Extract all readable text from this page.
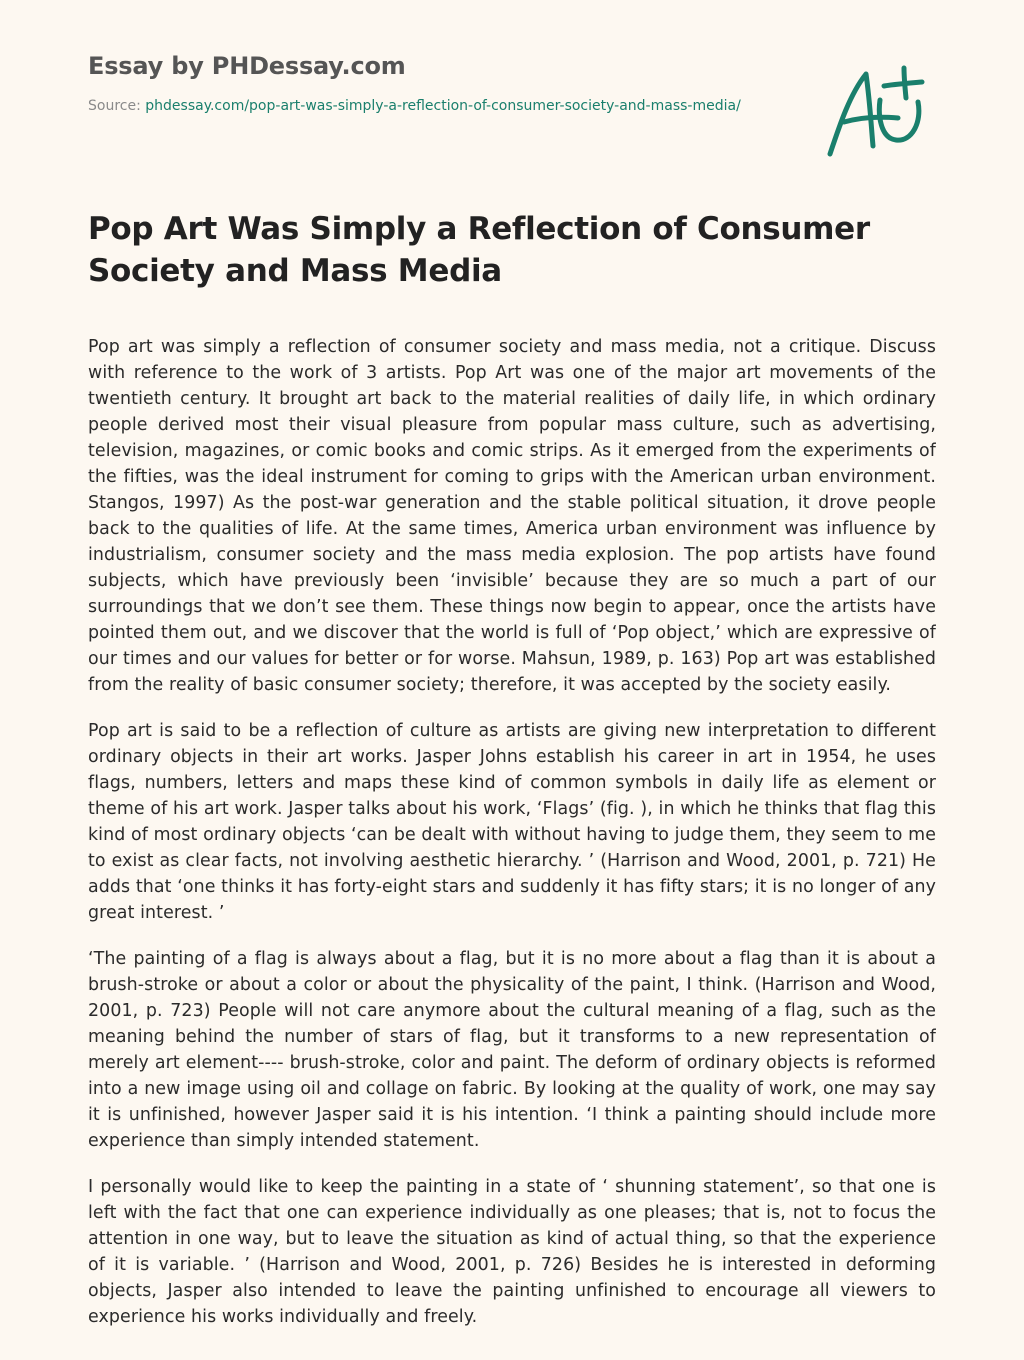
Essay by PHDessay.com
Source: phdessay.com/pop-art-was-simply-a-reflection-of-consumer-society-and-mass-media/
Pop Art Was Simply a Reflection of Consumer Society and Mass Media

Pop art was simply a reflection of consumer society and mass media, not a critique. Discuss with reference to the work of 3 artists. Pop Art was one of the major art movements of the twentieth century. It brought art back to the material realities of daily life, in which ordinary people derived most their visual pleasure from popular mass culture, such as advertising, television, magazines, or comic books and comic strips. As it emerged from the experiments of the fifties, was the ideal instrument for coming to grips with the American urban environment. Stangos, 1997) As the post-war generation and the stable political situation, it drove people back to the qualities of life. At the same times, America urban environment was influence by industrialism, consumer society and the mass media explosion. The pop artists have found subjects, which have previously been ‘invisible’ because they are so much a part of our surroundings that we don’t see them. These things now begin to appear, once the artists have pointed them out, and we discover that the world is full of ‘Pop object,’ which are expressive of our times and our values for better or for worse. Mahsun, 1989, p. 163) Pop art was established from the reality of basic consumer society; therefore, it was accepted by the society easily.

Pop art is said to be a reflection of culture as artists are giving new interpretation to different ordinary objects in their art works. Jasper Johns establish his career in art in 1954, he uses flags, numbers, letters and maps these kind of common symbols in daily life as element or theme of his art work. Jasper talks about his work, ‘Flags’ (fig. ), in which he thinks that flag this kind of most ordinary objects ‘can be dealt with without having to judge them, they seem to me to exist as clear facts, not involving aesthetic hierarchy. ’ (Harrison and Wood, 2001, p. 721) He adds that ‘one thinks it has forty-eight stars and suddenly it has fifty stars; it is no longer of any great interest. ’

‘The painting of a flag is always about a flag, but it is no more about a flag than it is about a brush-stroke or about a color or about the physicality of the paint, I think. (Harrison and Wood, 2001, p. 723) People will not care anymore about the cultural meaning of a flag, such as the meaning behind the number of stars of flag, but it transforms to a new representation of merely art element---- brush-stroke, color and paint. The deform of ordinary objects is reformed into a new image using oil and collage on fabric. By looking at the quality of work, one may say it is unfinished, however Jasper said it is his intention. ‘I think a painting should include more experience than simply intended statement.

I personally would like to keep the painting in a state of ‘ shunning statement’, so that one is left with the fact that one can experience individually as one pleases; that is, not to focus the attention in one way, but to leave the situation as kind of actual thing, so that the experience of it is variable. ’ (Harrison and Wood, 2001, p. 726) Besides he is interested in deforming objects, Jasper also intended to leave the painting unfinished to encourage all viewers to experience his works individually and freely.
